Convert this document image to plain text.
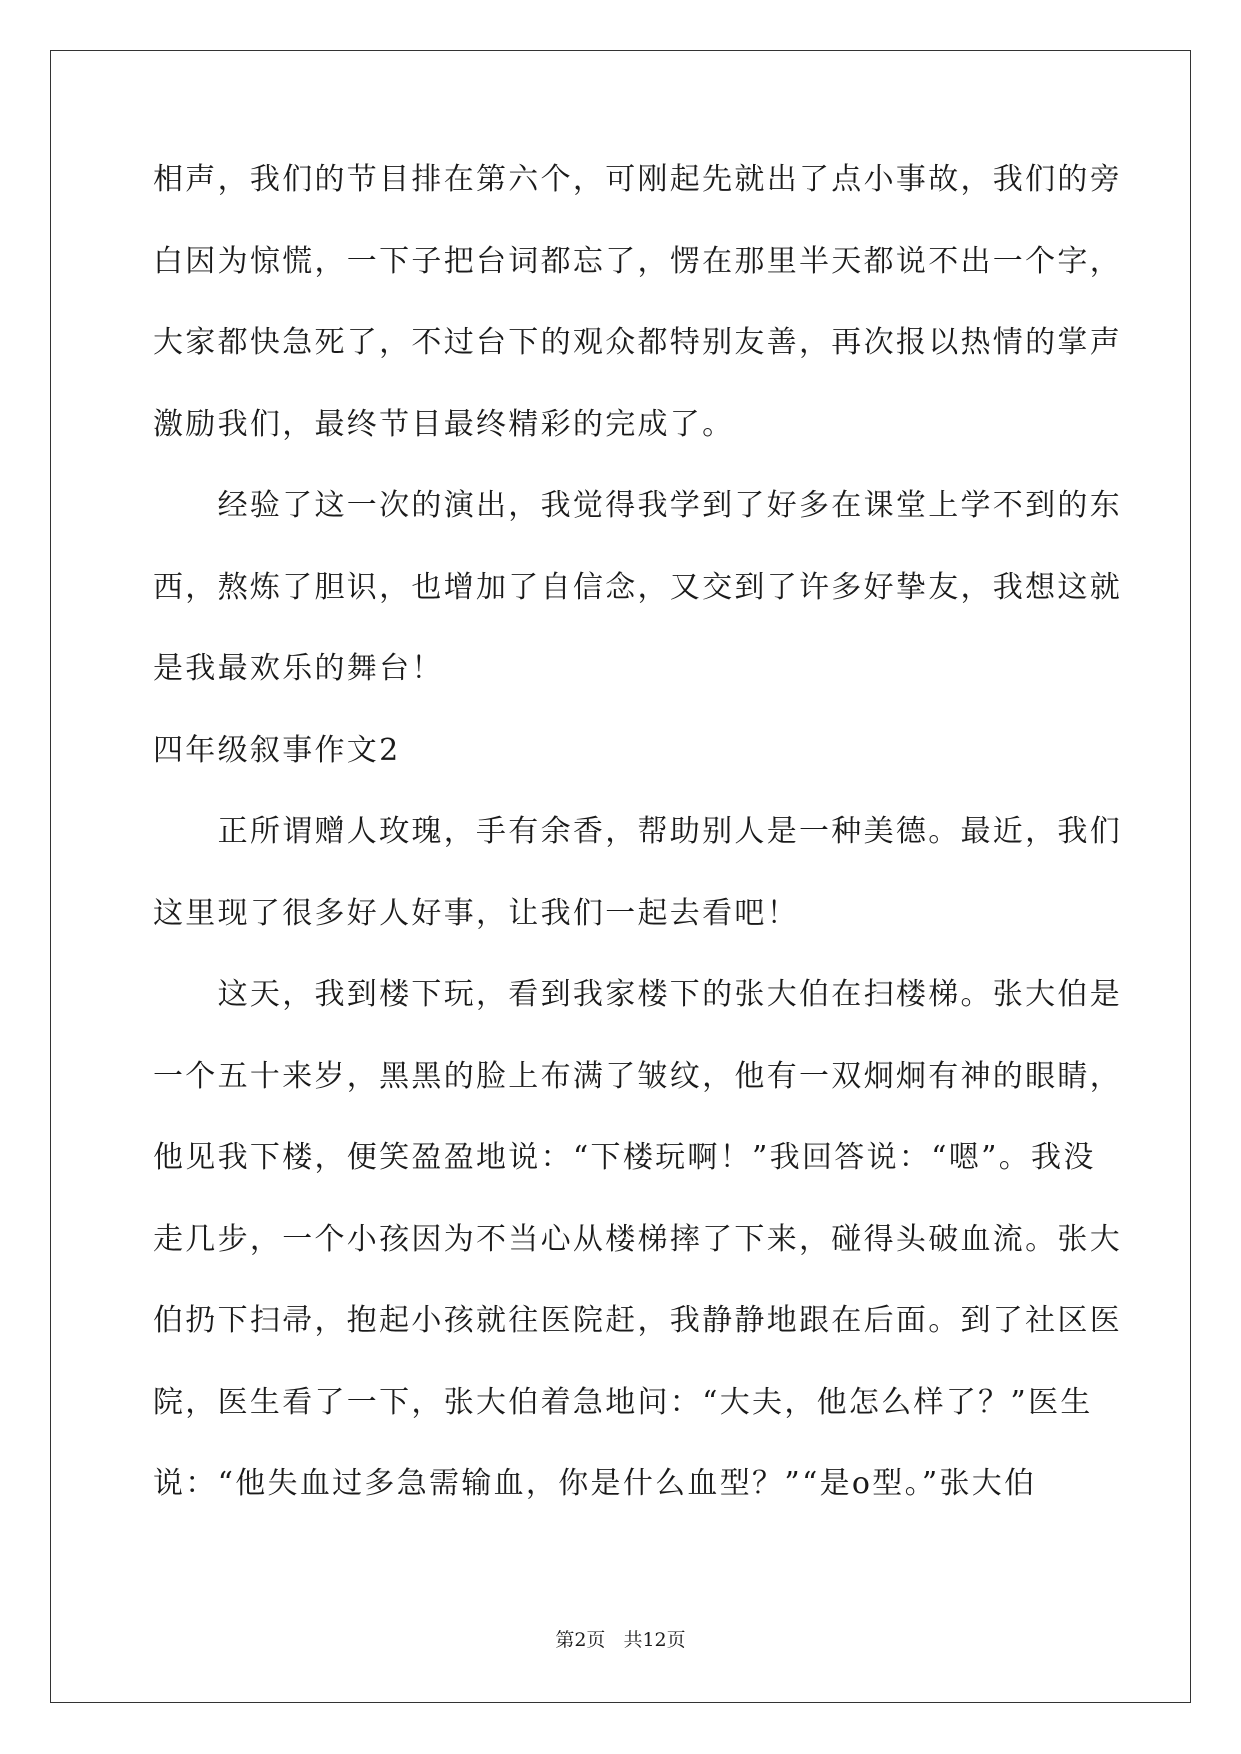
相声，我们的节目排在第六个，可刚起先就出了点小事故，我们的旁
白因为惊慌，一下子把台词都忘了，愣在那里半天都说不出一个字，
大家都快急死了，不过台下的观众都特别友善，再次报以热情的掌声
激励我们，最终节目最终精彩的完成了。
　　经验了这一次的演出，我觉得我学到了好多在课堂上学不到的东
西，熬炼了胆识，也增加了自信念，又交到了许多好挚友，我想这就
是我最欢乐的舞台！
四年级叙事作文2
　　正所谓赠人玫瑰，手有余香，帮助别人是一种美德。最近，我们
这里现了很多好人好事，让我们一起去看吧！
　　这天，我到楼下玩，看到我家楼下的张大伯在扫楼梯。张大伯是
一个五十来岁，黑黑的脸上布满了皱纹，他有一双炯炯有神的眼睛，
他见我下楼，便笑盈盈地说：“下楼玩啊！”我回答说：“嗯”。我没
走几步，一个小孩因为不当心从楼梯摔了下来，碰得头破血流。张大
伯扔下扫帚，抱起小孩就往医院赶，我静静地跟在后面。到了社区医
院，医生看了一下，张大伯着急地问：“大夫，他怎么样了？”医生
说：“他失血过多急需输血，你是什么血型？”“是o型。”张大伯
第2页 共12页
